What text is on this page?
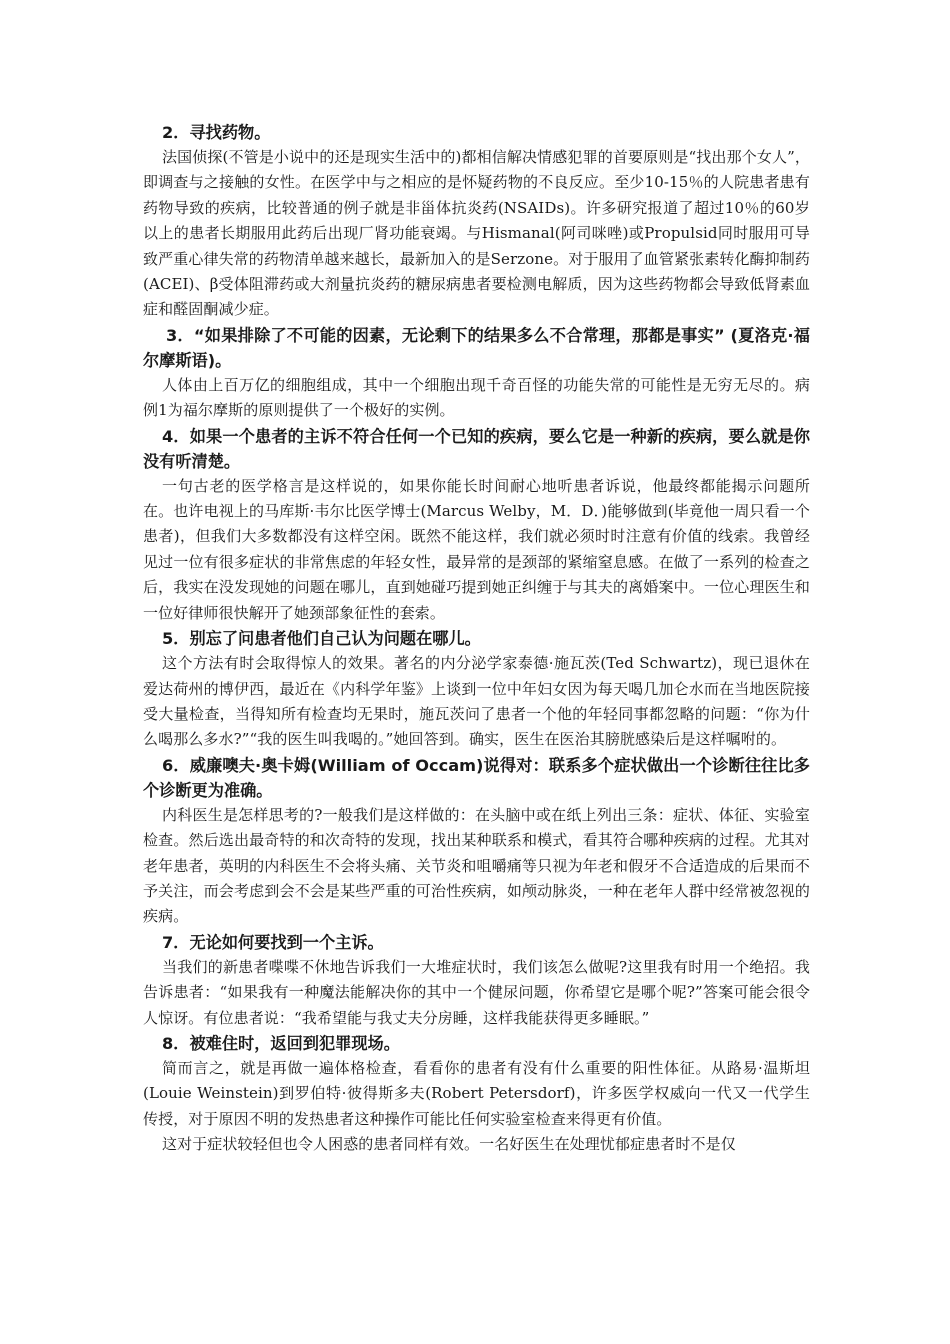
2．寻找药物。

法国侦探(不管是小说中的还是现实生活中的)都相信解决情感犯罪的首要原则是“找出那个女人”，即调查与之接触的女性。在医学中与之相应的是怀疑药物的不良反应。至少10-15％的人院患者患有药物导致的疾病，比较普通的例子就是非甾体抗炎药(NSAIDs)。许多研究报道了超过10％的60岁以上的患者长期服用此药后出现厂肾功能衰竭。与Hismanal(阿司咪唑)或Propulsid同时服用可导致严重心律失常的药物清单越来越长，最新加入的是Serzone。对于服用了血管紧张素转化酶抑制药(ACEI)、β受体阻滞药或大剂量抗炎药的糖尿病患者要检测电解质，因为这些药物都会导致低肾素血症和醛固酮减少症。

3．“如果排除了不可能的因素，无论剩下的结果多么不合常理，那都是事实” (夏洛克·福尔摩斯语)。

人体由上百万亿的细胞组成，其中一个细胞出现千奇百怪的功能失常的可能性是无穷无尽的。病例1为福尔摩斯的原则提供了一个极好的实例。

4．如果一个患者的主诉不符合任何一个已知的疾病，要么它是一种新的疾病，要么就是你没有听清楚。

一句古老的医学格言是这样说的，如果你能长时间耐心地听患者诉说，他最终都能揭示问题所在。也许电视上的马库斯·韦尔比医学博士(Marcus Welby，M．D．)能够做到(毕竟他一周只看一个患者)，但我们大多数都没有这样空闲。既然不能这样，我们就必须时时注意有价值的线索。我曾经见过一位有很多症状的非常焦虑的年轻女性，最异常的是颈部的紧缩窒息感。在做了一系列的检查之后，我实在没发现她的问题在哪儿，直到她碰巧提到她正纠缠于与其夫的离婚案中。一位心理医生和一位好律师很快解开了她颈部象征性的套索。

5．别忘了问患者他们自己认为问题在哪儿。

这个方法有时会取得惊人的效果。著名的内分泌学家泰德·施瓦茨(Ted Schwartz)，现已退休在爱达荷州的博伊西，最近在《内科学年鉴》上谈到一位中年妇女因为每天喝几加仑水而在当地医院接受大量检查，当得知所有检查均无果时，施瓦茨问了患者一个他的年轻同事都忽略的问题：“你为什么喝那么多水?”“我的医生叫我喝的。”她回答到。确实，医生在医治其膀胱感染后是这样嘱咐的。

6．威廉噢夫·奥卡姆(William of Occam)说得对：联系多个症状做出一个诊断往往比多个诊断更为准确。

内科医生是怎样思考的?一般我们是这样做的：在头脑中或在纸上列出三条：症状、体征、实验室检查。然后选出最奇特的和次奇特的发现，找出某种联系和模式，看其符合哪种疾病的过程。尤其对老年患者，英明的内科医生不会将头痛、关节炎和咀嚼痛等只视为年老和假牙不合适造成的后果而不予关注，而会考虑到会不会是某些严重的可治性疾病，如颅动脉炎，一种在老年人群中经常被忽视的疾病。

7．无论如何要找到一个主诉。

当我们的新患者喋喋不休地告诉我们一大堆症状时，我们该怎么做呢?这里我有时用一个绝招。我告诉患者：“如果我有一种魔法能解决你的其中一个健尿问题，你希望它是哪个呢?”答案可能会很令人惊讶。有位患者说：“我希望能与我丈夫分房睡，这样我能获得更多睡眠。”

8．被难住时，返回到犯罪现场。

简而言之，就是再做一遍体格检查，看看你的患者有没有什么重要的阳性体征。从路易·温斯坦(Louie Weinstein)到罗伯特·彼得斯多夫(Robert Petersdorf)，许多医学权威向一代又一代学生传授，对于原因不明的发热患者这种操作可能比任何实验室检查来得更有价值。

这对于症状较轻但也令人困惑的患者同样有效。一名好医生在处理忧郁症患者时不是仅
